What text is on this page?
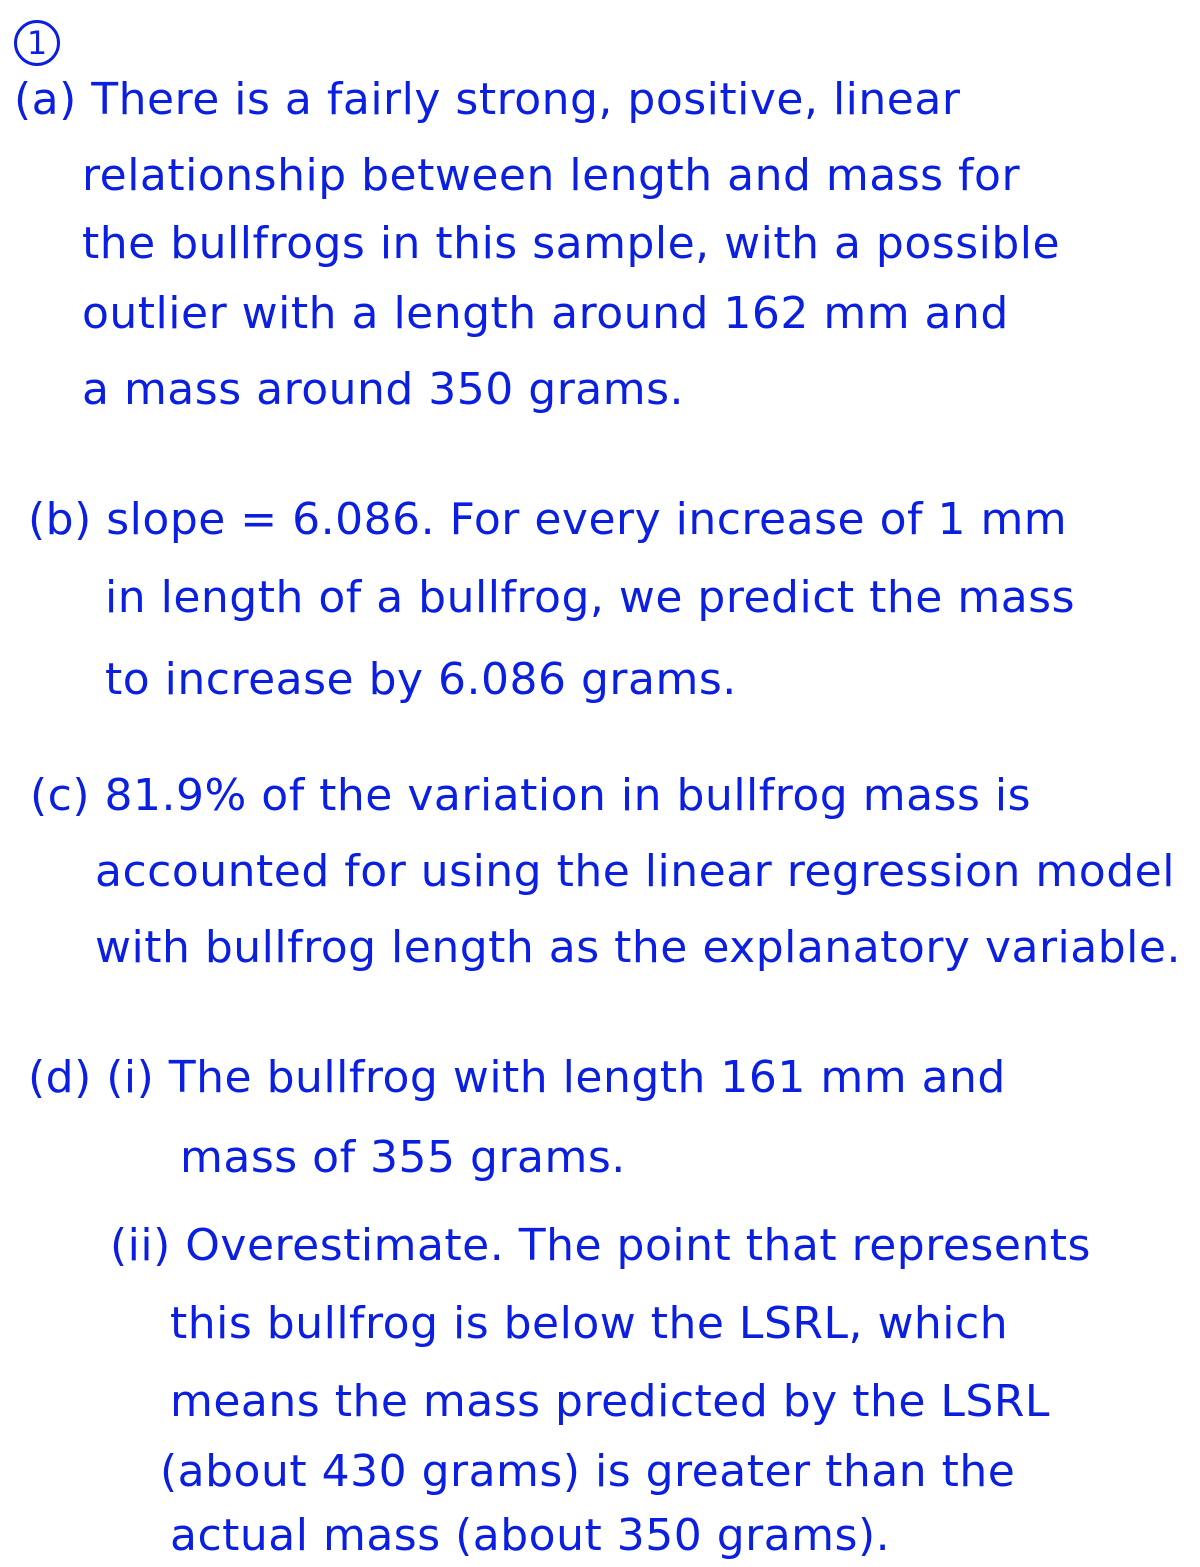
1
(a) There is a fairly strong, positive, linear
relationship between length and mass for
the bullfrogs in this sample, with a possible
outlier with a length around 162 mm and
a mass around 350 grams.
(b) slope = 6.086. For every increase of 1 mm
in length of a bullfrog, we predict the mass
to increase by 6.086 grams.
(c) 81.9% of the variation in bullfrog mass is
accounted for using the linear regression model
with bullfrog length as the explanatory variable.
(d) (i) The bullfrog with length 161 mm and
mass of 355 grams.
(ii) Overestimate. The point that represents
this bullfrog is below the LSRL, which
means the mass predicted by the LSRL
(about 430 grams) is greater than the
actual mass (about 350 grams).
